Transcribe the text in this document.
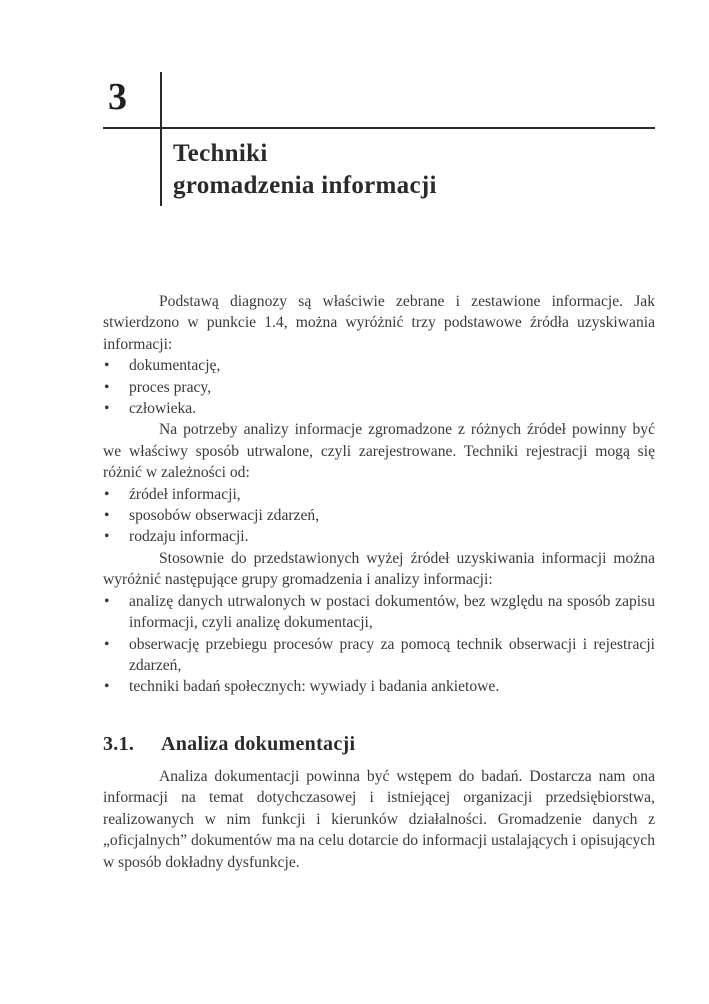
3
Techniki
gromadzenia informacji

Podstawą diagnozy są właściwie zebrane i zestawione informacje. Jak stwierdzono w punkcie 1.4, można wyróżnić trzy podstawowe źródła uzyskiwania informacji:

• dokumentację,
• proces pracy,
• człowieka.

Na potrzeby analizy informacje zgromadzone z różnych źródeł powinny być we właściwy sposób utrwalone, czyli zarejestrowane. Techniki rejestracji mogą się różnić w zależności od:

• źródeł informacji,
• sposobów obserwacji zdarzeń,
• rodzaju informacji.

Stosownie do przedstawionych wyżej źródeł uzyskiwania informacji można wyróżnić następujące grupy gromadzenia i analizy informacji:

• analizę danych utrwalonych w postaci dokumentów, bez względu na sposób zapisu informacji, czyli analizę dokumentacji,
• obserwację przebiegu procesów pracy za pomocą technik obserwacji i rejestracji zdarzeń,
• techniki badań społecznych: wywiady i badania ankietowe.
3.1. Analiza dokumentacji

Analiza dokumentacji powinna być wstępem do badań. Dostarcza nam ona informacji na temat dotychczasowej i istniejącej organizacji przedsiębiorstwa, realizowanych w nim funkcji i kierunków działalności. Gromadzenie danych z „oficjalnych” dokumentów ma na celu dotarcie do informacji ustalających i opisujących w sposób dokładny dysfunkcje.
